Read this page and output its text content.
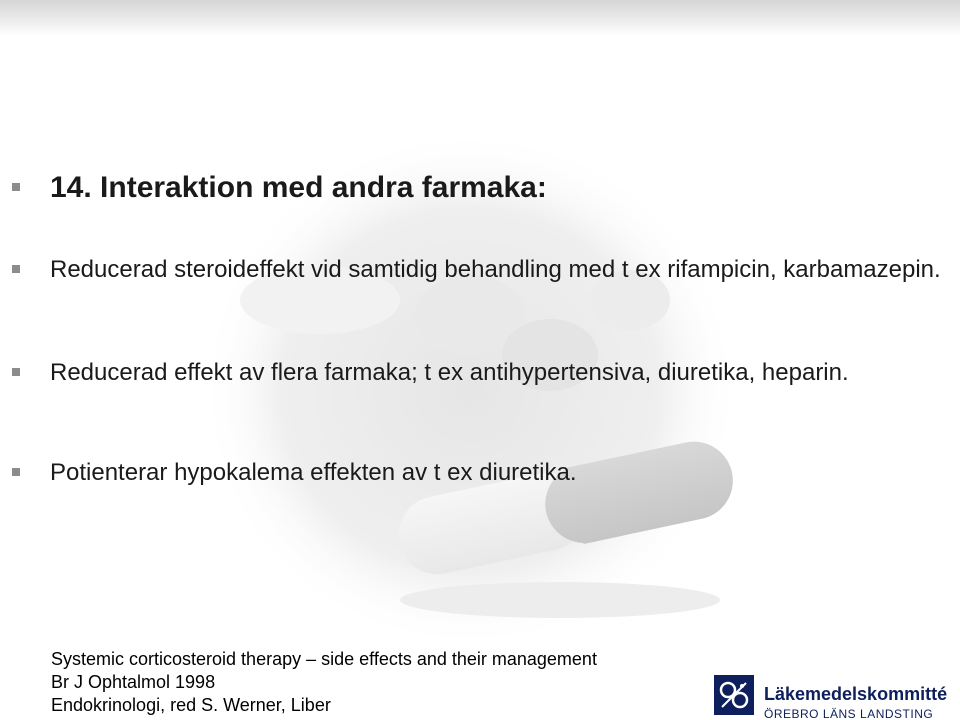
14. Interaktion med andra farmaka:
Reducerad steroideffekt vid samtidig behandling med t ex rifampicin, karbamazepin.
Reducerad effekt av flera farmaka; t ex antihypertensiva, diuretika, heparin.
Potienterar hypokalema effekten av t ex diuretika.
Systemic corticosteroid therapy – side effects and their management
Br J Ophtalmol 1998
Endokrinologi, red S. Werner, Liber
Läkemedelskommitté
ÖREBRO LÄNS LANDSTING
